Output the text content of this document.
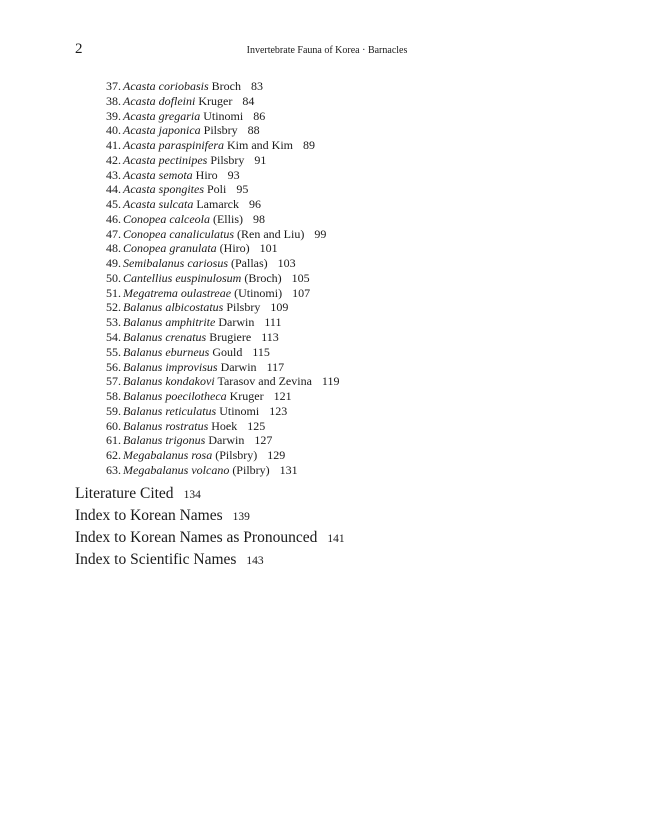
2	Invertebrate Fauna of Korea · Barnacles
37. Acasta coriobasis Broch 83
38. Acasta dofleini Kruger 84
39. Acasta gregaria Utinomi 86
40. Acasta japonica Pilsbry 88
41. Acasta paraspinifera Kim and Kim 89
42. Acasta pectinipes Pilsbry 91
43. Acasta semota Hiro 93
44. Acasta spongites Poli 95
45. Acasta sulcata Lamarck 96
46. Conopea calceola (Ellis) 98
47. Conopea canaliculatus (Ren and Liu) 99
48. Conopea granulata (Hiro) 101
49. Semibalanus cariosus (Pallas) 103
50. Cantellius euspinulosum (Broch) 105
51. Megatrema oulastreae (Utinomi) 107
52. Balanus albicostatus Pilsbry 109
53. Balanus amphitrite Darwin 111
54. Balanus crenatus Brugiere 113
55. Balanus eburneus Gould 115
56. Balanus improvisus Darwin 117
57. Balanus kondakovi Tarasov and Zevina 119
58. Balanus poecilotheca Kruger 121
59. Balanus reticulatus Utinomi 123
60. Balanus rostratus Hoek 125
61. Balanus trigonus Darwin 127
62. Megabalanus rosa (Pilsbry) 129
63. Megabalanus volcano (Pilbry) 131
Literature Cited 134
Index to Korean Names 139
Index to Korean Names as Pronounced 141
Index to Scientific Names 143
